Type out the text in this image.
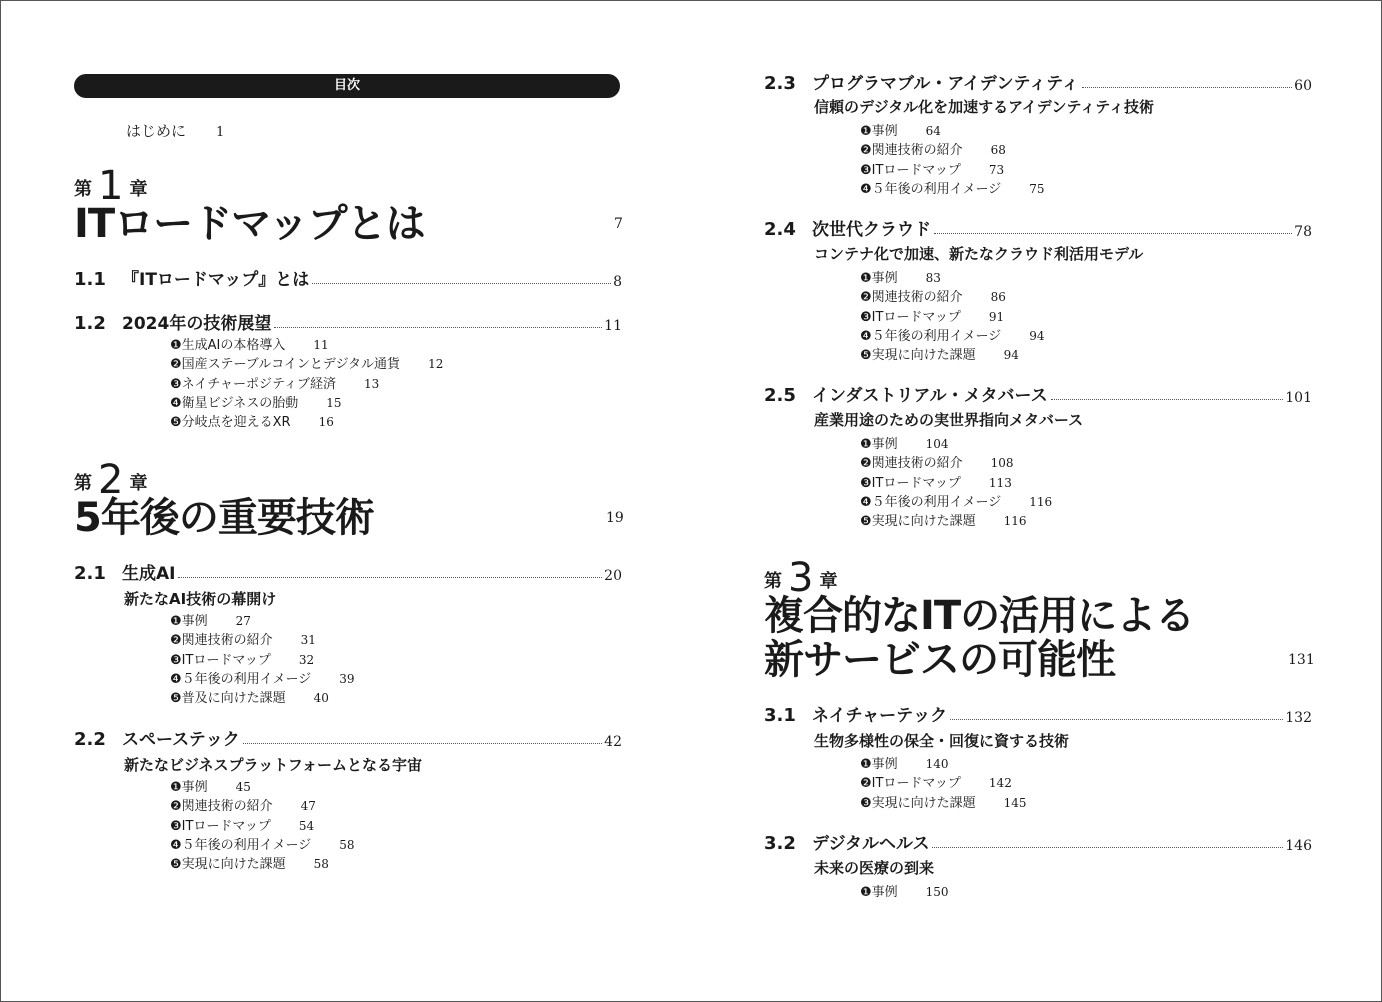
目次
はじめに 1
第 1 章
ITロードマップとは	7
1.1 『ITロードマップ』とは	8
1.2 2024年の技術展望	11
❶生成AIの本格導入 11
❷国産ステーブルコインとデジタル通貨 12
❸ネイチャーポジティブ経済 13
❹衛星ビジネスの胎動 15
❺分岐点を迎えるXR 16
第 2 章
5年後の重要技術	19
2.1 生成AI	20
新たなAI技術の幕開け
❶事例 27
❷関連技術の紹介 31
❸ITロードマップ 32
❹５年後の利用イメージ 39
❺普及に向けた課題 40
2.2 スペーステック	42
新たなビジネスプラットフォームとなる宇宙
❶事例 45
❷関連技術の紹介 47
❸ITロードマップ 54
❹５年後の利用イメージ 58
❺実現に向けた課題 58
2.3 プログラマブル・アイデンティティ	60
信頼のデジタル化を加速するアイデンティティ技術
❶事例 64
❷関連技術の紹介 68
❸ITロードマップ 73
❹５年後の利用イメージ 75
2.4 次世代クラウド	78
コンテナ化で加速、新たなクラウド利活用モデル
❶事例 83
❷関連技術の紹介 86
❸ITロードマップ 91
❹５年後の利用イメージ 94
❺実現に向けた課題 94
2.5 インダストリアル・メタバース	101
産業用途のための実世界指向メタバース
❶事例 104
❷関連技術の紹介 108
❸ITロードマップ 113
❹５年後の利用イメージ 116
❺実現に向けた課題 116
第 3 章
複合的なITの活用による
新サービスの可能性	131
3.1 ネイチャーテック	132
生物多様性の保全・回復に資する技術
❶事例 140
❷ITロードマップ 142
❸実現に向けた課題 145
3.2 デジタルヘルス	146
未来の医療の到来
❶事例 150
